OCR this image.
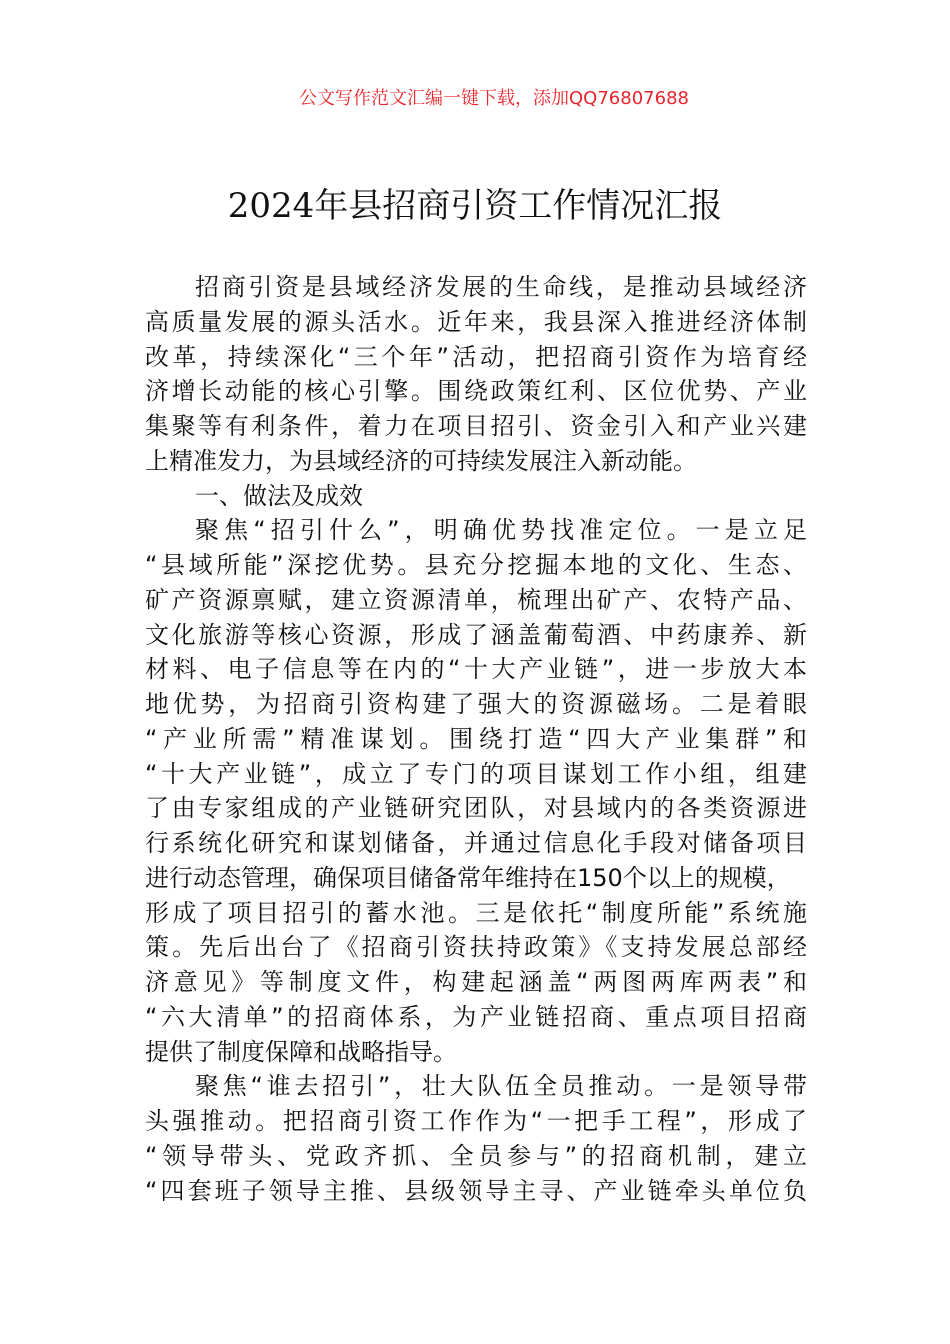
公文写作范文汇编一键下载，添加QQ76807688
2024年县招商引资工作情况汇报
招商引资是县域经济发展的生命线，是推动县域经济
高质量发展的源头活水。近年来，我县深入推进经济体制
改革，持续深化“三个年”活动，把招商引资作为培育经
济增长动能的核心引擎。围绕政策红利、区位优势、产业
集聚等有利条件，着力在项目招引、资金引入和产业兴建
上精准发力，为县域经济的可持续发展注入新动能。
一、做法及成效
聚焦“招引什么”，明确优势找准定位。一是立足
“县域所能”深挖优势。县充分挖掘本地的文化、生态、
矿产资源禀赋，建立资源清单，梳理出矿产、农特产品、
文化旅游等核心资源，形成了涵盖葡萄酒、中药康养、新
材料、电子信息等在内的“十大产业链”，进一步放大本
地优势，为招商引资构建了强大的资源磁场。二是着眼
“产业所需”精准谋划。围绕打造“四大产业集群”和
“十大产业链”，成立了专门的项目谋划工作小组，组建
了由专家组成的产业链研究团队，对县域内的各类资源进
行系统化研究和谋划储备，并通过信息化手段对储备项目
进行动态管理，确保项目储备常年维持在150个以上的规模，
形成了项目招引的蓄水池。三是依托“制度所能”系统施
策。先后出台了《招商引资扶持政策》《支持发展总部经
济意见》等制度文件，构建起涵盖“两图两库两表”和
“六大清单”的招商体系，为产业链招商、重点项目招商
提供了制度保障和战略指导。
聚焦“谁去招引”，壮大队伍全员推动。一是领导带
头强推动。把招商引资工作作为“一把手工程”，形成了
“领导带头、党政齐抓、全员参与”的招商机制，建立
“四套班子领导主推、县级领导主寻、产业链牵头单位负
